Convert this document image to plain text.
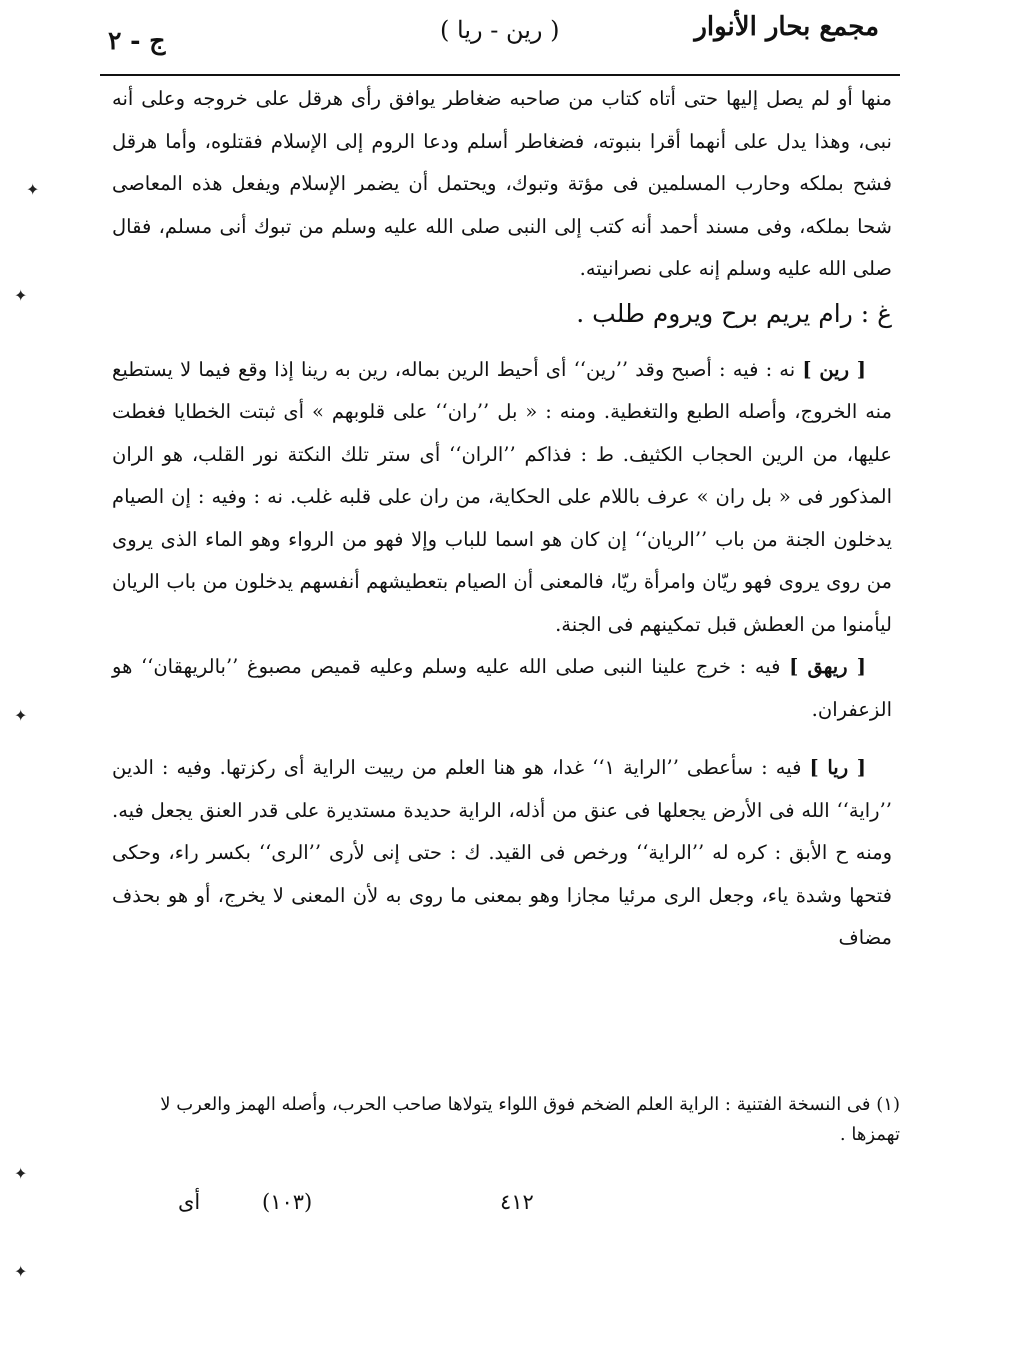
مجمع بحار الأنوار
( رين - ريا )
ج - ٢

منها أو لم يصل إليها حتى أتاه كتاب من صاحبه ضغاطر يوافق رأى هرقل على خروجه وعلى أنه نبى، وهذا يدل على أنهما أقرا بنبوته، فضغاطر أسلم ودعا الروم إلى الإسلام فقتلوه، وأما هرقل فشح بملكه وحارب المسلمين فى مؤتة وتبوك، ويحتمل أن يضمر الإسلام ويفعل هذه المعاصى شحا بملكه، وفى مسند أحمد أنه كتب إلى النبى صلى الله عليه وسلم من تبوك أنى مسلم، فقال صلى الله عليه وسلم إنه على نصرانيته.

غ : رام يريم برح ويروم طلب .

[ رين ] نه : فيه : أصبح وقد ’’رين‘‘ أى أحيط الرين بماله، رين به رينا إذا وقع فيما لا يستطيع منه الخروج، وأصله الطبع والتغطية. ومنه : « بل ’’ران‘‘ على قلوبهم » أى ثبتت الخطايا فغطت عليها، من الرين الحجاب الكثيف. ط : فذاكم ’’الران‘‘ أى ستر تلك النكتة نور القلب، هو الران المذكور فى « بل ران » عرف باللام على الحكاية، من ران على قلبه غلب. نه : وفيه : إن الصيام يدخلون الجنة من باب ’’الريان‘‘ إن كان هو اسما للباب وإلا فهو من الرواء وهو الماء الذى يروى من روى يروى فهو ريّان وامرأة ريّا، فالمعنى أن الصيام بتعطيشهم أنفسهم يدخلون من باب الريان ليأمنوا من العطش قبل تمكينهم فى الجنة.

[ ريهق ] فيه : خرج علينا النبى صلى الله عليه وسلم وعليه قميص مصبوغ ’’بالريهقان‘‘ هو الزعفران.

[ ريا ] فيه : سأعطى ’’الراية ١‘‘ غدا، هو هنا العلم من رييت الراية أى ركزتها. وفيه : الدين ’’راية‘‘ الله فى الأرض يجعلها فى عنق من أذله، الراية حديدة مستديرة على قدر العنق يجعل فيه. ومنه ح الأبق : كره له ’’الراية‘‘ ورخص فى القيد. ك : حتى إنى لأرى ’’الرى‘‘ بكسر راء، وحكى فتحها وشدة ياء، وجعل الرى مرئيا مجازا وهو بمعنى ما روى به لأن المعنى لا يخرج، أو هو بحذف مضاف

(١) فى النسخة الفتنية : الراية العلم الضخم فوق اللواء يتولاها صاحب الحرب، وأصله الهمز والعرب لا تهمزها .

٤١٢
(١٠٣)
أى
✦
✦
✦
✦
✦
